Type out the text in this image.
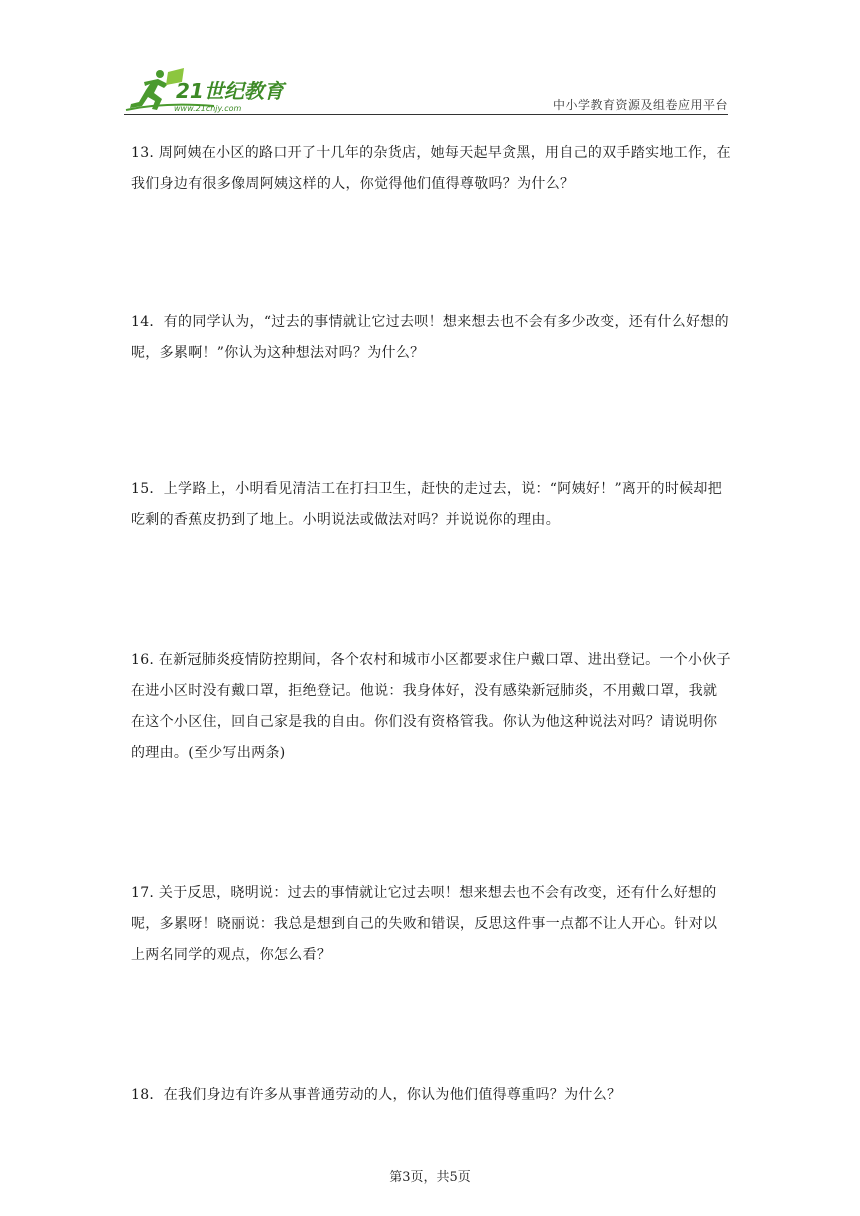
21世纪教育
www.21cnjy.com	中小学教育资源及组卷应用平台
13. 周阿姨在小区的路口开了十几年的杂货店，她每天起早贪黑，用自己的双手踏实地工作，在我们身边有很多像周阿姨这样的人，你觉得他们值得尊敬吗？为什么？
14．有的同学认为，“过去的事情就让它过去呗！想来想去也不会有多少改变，还有什么好想的呢，多累啊！”你认为这种想法对吗？为什么？
15．上学路上，小明看见清洁工在打扫卫生，赶快的走过去，说：“阿姨好！”离开的时候却把吃剩的香蕉皮扔到了地上。小明说法或做法对吗？并说说你的理由。
16. 在新冠肺炎疫情防控期间，各个农村和城市小区都要求住户戴口罩、进出登记。一个小伙子在进小区时没有戴口罩，拒绝登记。他说：我身体好，没有感染新冠肺炎，不用戴口罩，我就在这个小区住，回自己家是我的自由。你们没有资格管我。你认为他这种说法对吗？请说明你的理由。(至少写出两条)
17. 关于反思，晓明说：过去的事情就让它过去呗！想来想去也不会有改变，还有什么好想的呢，多累呀！晓丽说：我总是想到自己的失败和错误，反思这件事一点都不让人开心。针对以上两名同学的观点，你怎么看？
18．在我们身边有许多从事普通劳动的人，你认为他们值得尊重吗？为什么？
第3页，共5页
